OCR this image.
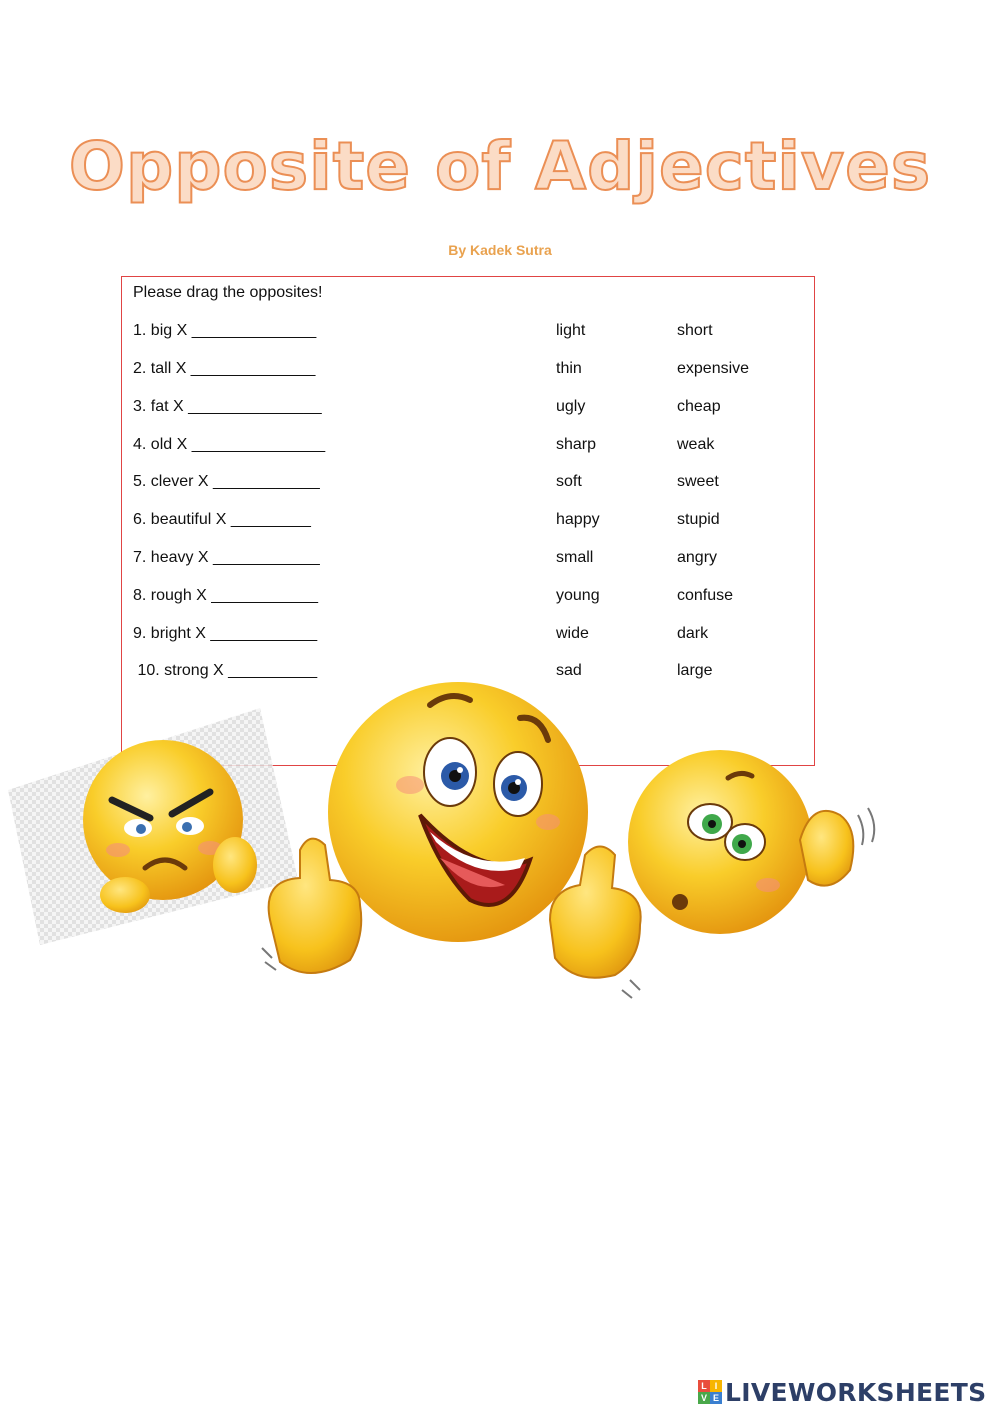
Opposite of Adjectives
By Kadek Sutra
Please drag the opposites!
1. big X ______________
2. tall X ______________
3. fat X _______________
4. old X _______________
5. clever X ____________
6. beautiful X _________
7. heavy X ____________
8. rough X ____________
9. bright X ____________
10. strong X __________
light
thin
ugly
sharp
soft
happy
small
young
wide
sad
short
expensive
cheap
weak
sweet
stupid
angry
confuse
dark
large
L I
V E LIVEWORKSHEETS
